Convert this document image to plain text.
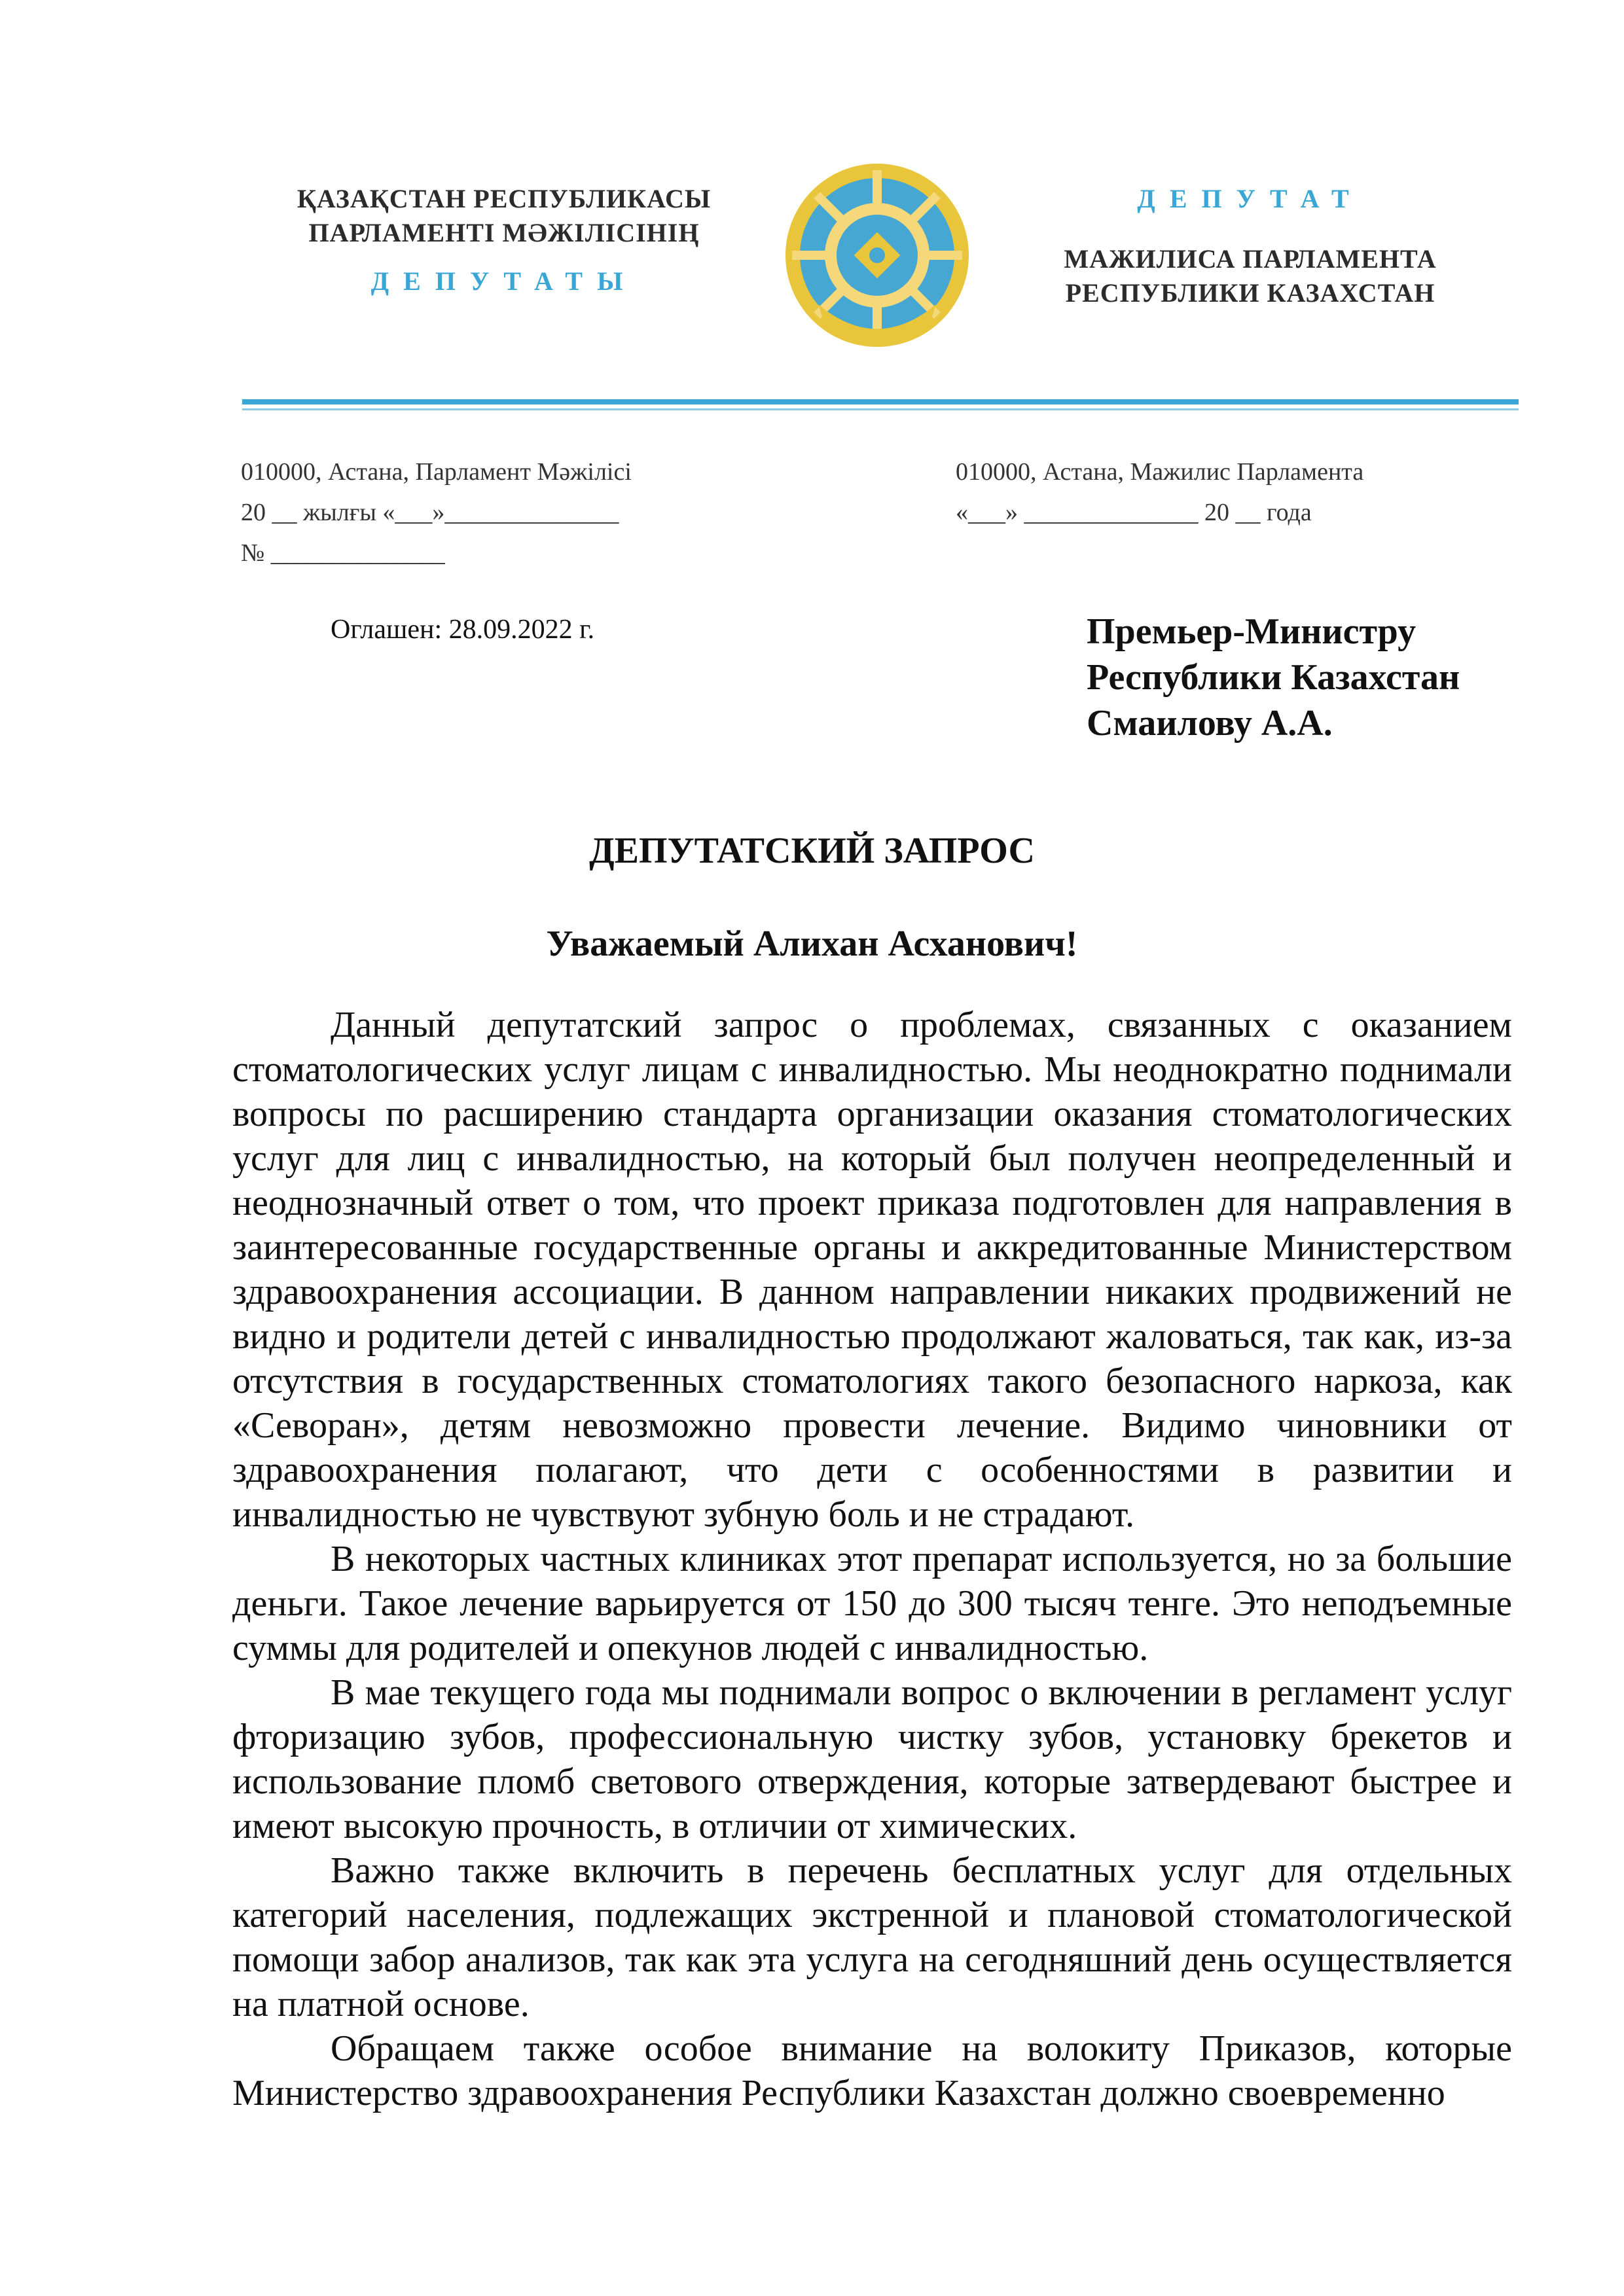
ҚАЗАҚСТАН РЕСПУБЛИКАСЫ
ПАРЛАМЕНТІ МӘЖІЛІСІНІҢ
ДЕПУТАТЫ
ДЕПУТАТ
МАЖИЛИСА ПАРЛАМЕНТА
РЕСПУБЛИКИ КАЗАХСТАН
010000, Астана, Парламент Мәжілісі
20 __ жылғы «___»______________
№ ______________
010000, Астана, Мажилис Парламента
«___» ______________ 20 __ года
Оглашен: 28.09.2022 г.	Премьер-Министру
Республики Казахстан
Смаилову А.А.
ДЕПУТАТСКИЙ ЗАПРОС
Уважаемый Алихан Асханович!

Данный депутатский запрос о проблемах, связанных с оказанием стоматологических услуг лицам с инвалидностью. Мы неоднократно поднимали вопросы по расширению стандарта организации оказания стоматологических услуг для лиц с инвалидностью, на который был получен неопределенный и неоднозначный ответ о том, что проект приказа подготовлен для направления в заинтересованные государственные органы и аккредитованные Министерством здравоохранения ассоциации. В данном направлении никаких продвижений не видно и родители детей с инвалидностью продолжают жаловаться, так как, из-за отсутствия в государственных стоматологиях такого безопасного наркоза, как «Севоран», детям невозможно провести лечение. Видимо чиновники от здравоохранения полагают, что дети с особенностями в развитии и инвалидностью не чувствуют зубную боль и не страдают.

В некоторых частных клиниках этот препарат используется, но за большие деньги. Такое лечение варьируется от 150 до 300 тысяч тенге. Это неподъемные суммы для родителей и опекунов людей с инвалидностью.

В мае текущего года мы поднимали вопрос о включении в регламент услуг фторизацию зубов, профессиональную чистку зубов, установку брекетов и использование пломб светового отверждения, которые затвердевают быстрее и имеют высокую прочность, в отличии от химических.

Важно также включить в перечень бесплатных услуг для отдельных категорий населения, подлежащих экстренной и плановой стоматологической помощи забор анализов, так как эта услуга на сегодняшний день осуществляется на платной основе.

Обращаем также особое внимание на волокиту Приказов, которые Министерство здравоохранения Республики Казахстан должно своевременно
